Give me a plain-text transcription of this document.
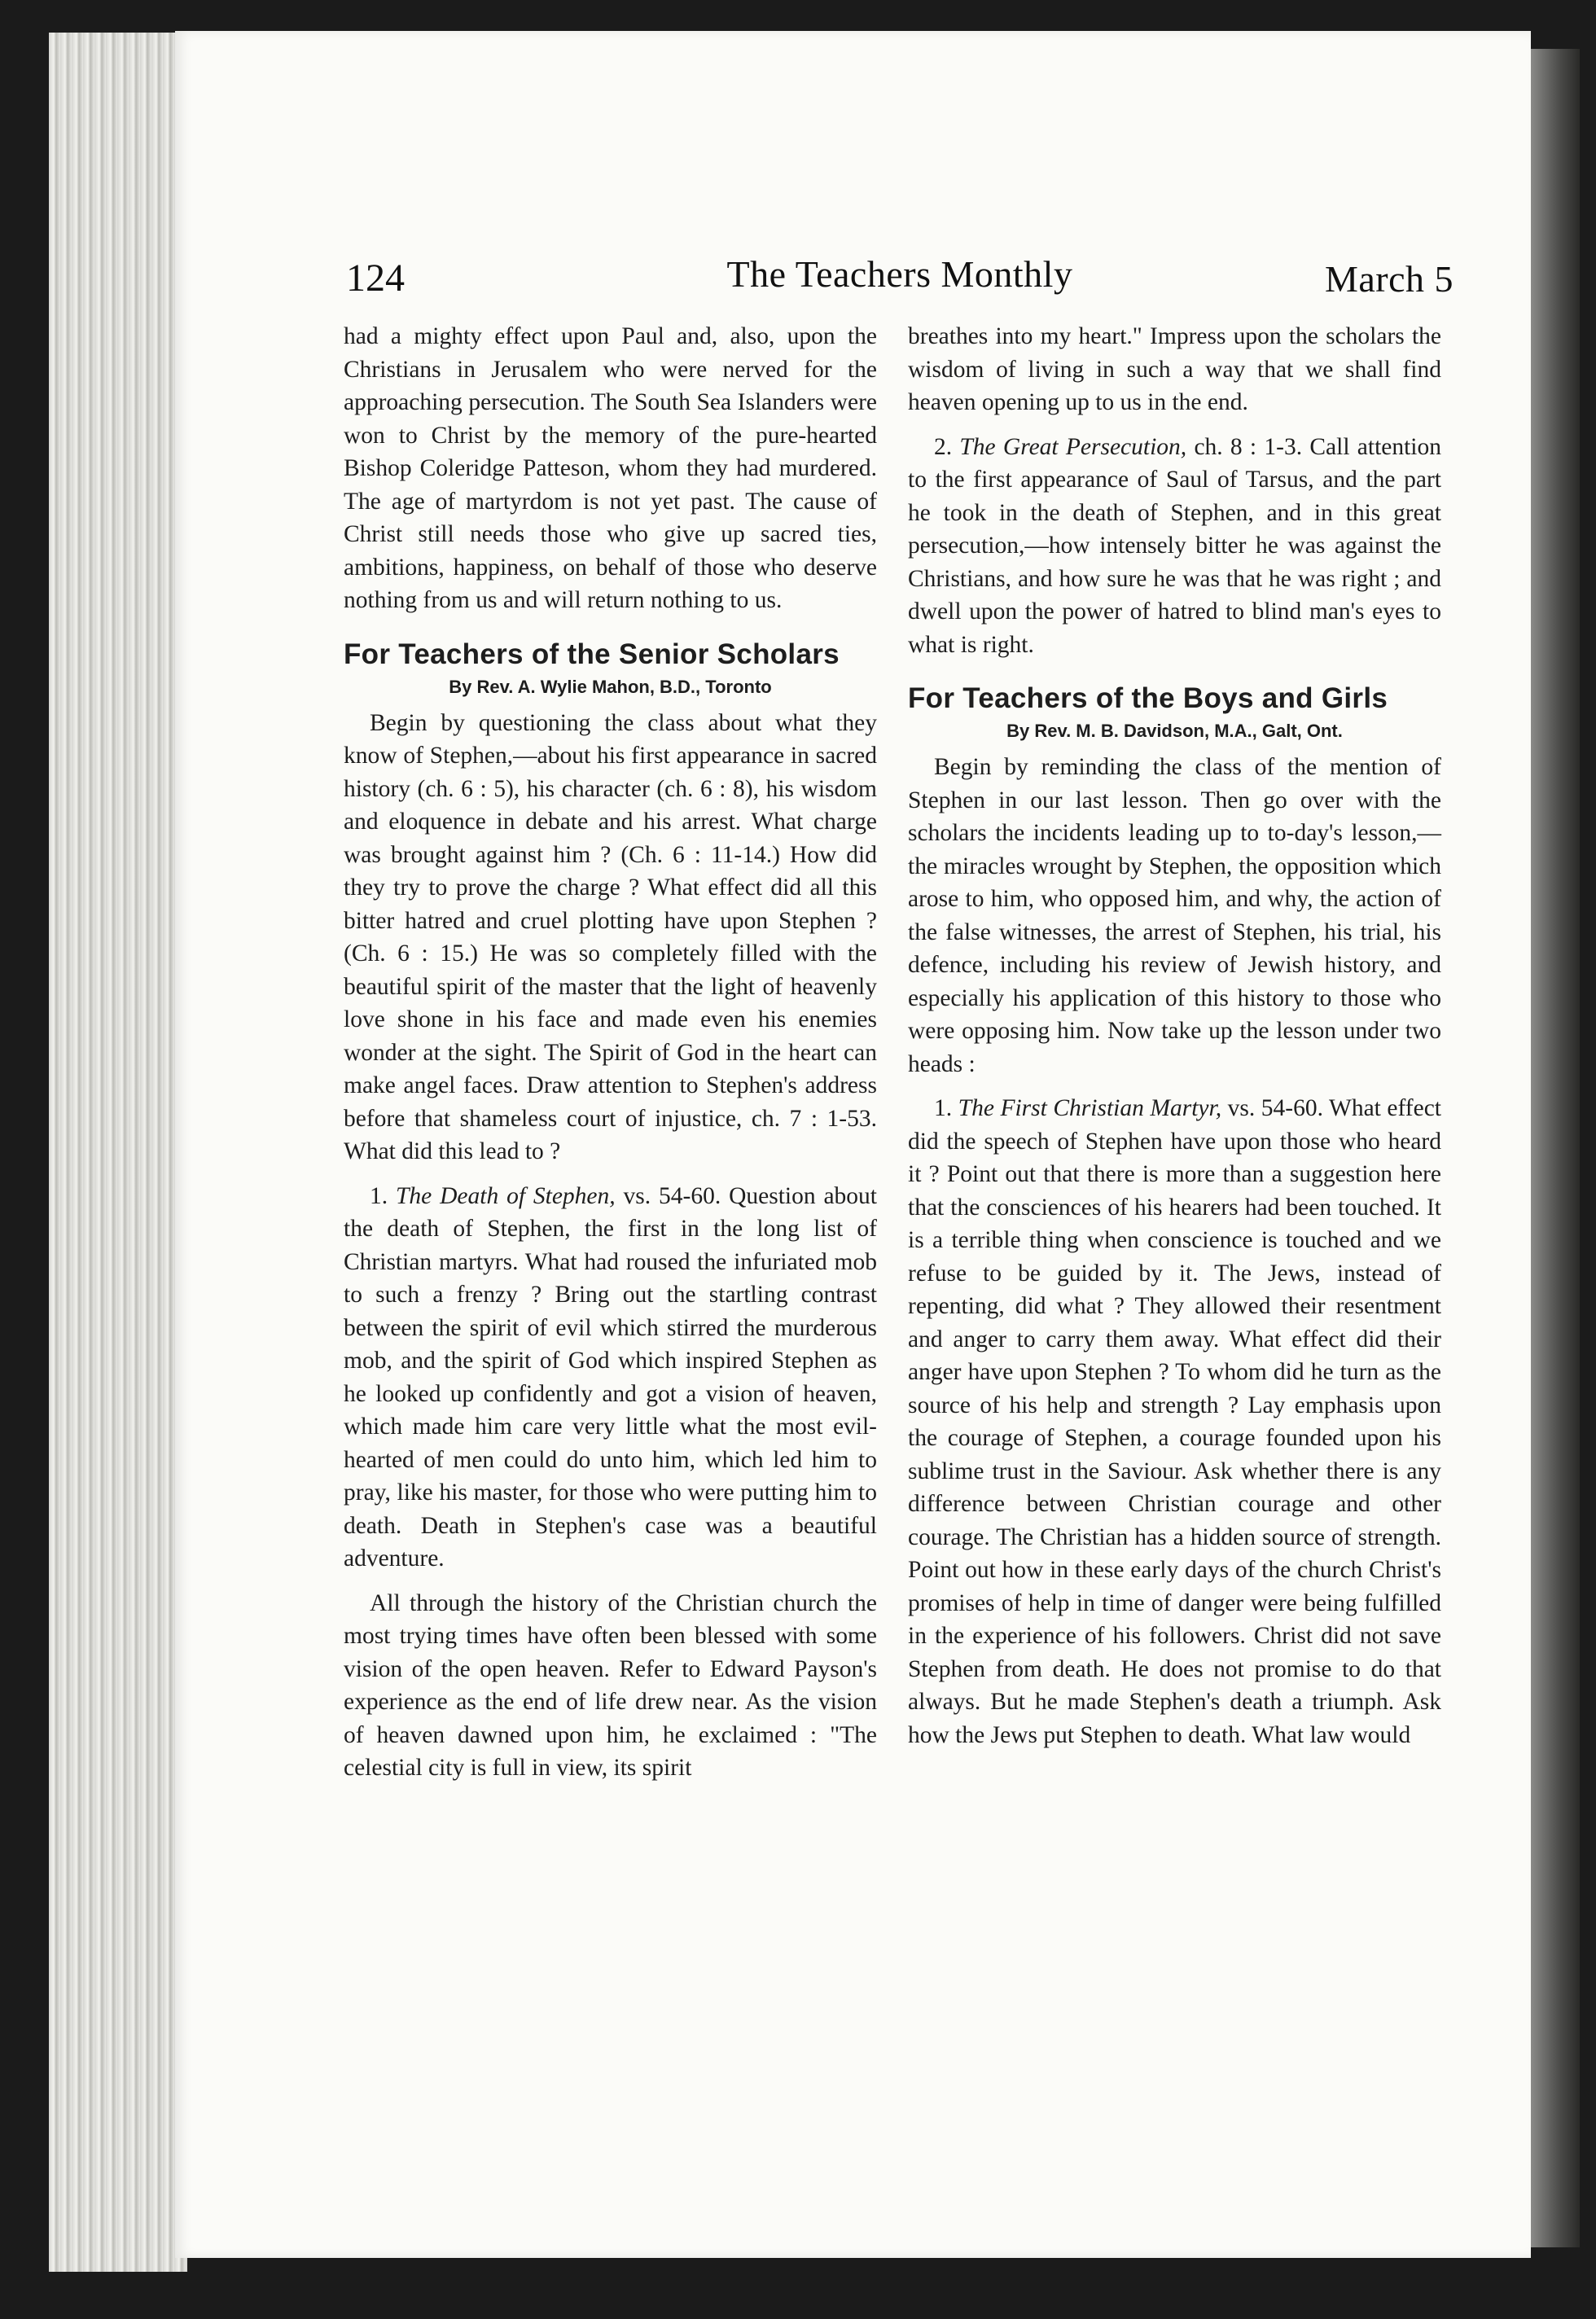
124	The Teachers Monthly	March 5

had a mighty effect upon Paul and, also, upon the Christians in Jerusalem who were nerved for the approaching persecution. The South Sea Islanders were won to Christ by the memory of the pure-hearted Bishop Coleridge Patteson, whom they had murdered. The age of martyrdom is not yet past. The cause of Christ still needs those who give up sacred ties, ambitions, happiness, on behalf of those who deserve nothing from us and will return nothing to us.

For Teachers of the Senior Scholars
By Rev. A. Wylie Mahon, B.D., Toronto

Begin by questioning the class about what they know of Stephen,—about his first appearance in sacred history (ch. 6 : 5), his character (ch. 6 : 8), his wisdom and eloquence in debate and his arrest. What charge was brought against him ? (Ch. 6 : 11-14.) How did they try to prove the charge ? What effect did all this bitter hatred and cruel plotting have upon Stephen ? (Ch. 6 : 15.) He was so completely filled with the beautiful spirit of the master that the light of heavenly love shone in his face and made even his enemies wonder at the sight. The Spirit of God in the heart can make angel faces. Draw attention to Stephen's address before that shameless court of injustice, ch. 7 : 1-53. What did this lead to ?

1. The Death of Stephen, vs. 54-60. Question about the death of Stephen, the first in the long list of Christian martyrs. What had roused the infuriated mob to such a frenzy ? Bring out the startling contrast between the spirit of evil which stirred the murderous mob, and the spirit of God which inspired Stephen as he looked up confidently and got a vision of heaven, which made him care very little what the most evil-hearted of men could do unto him, which led him to pray, like his master, for those who were putting him to death. Death in Stephen's case was a beautiful adventure.

All through the history of the Christian church the most trying times have often been blessed with some vision of the open heaven. Refer to Edward Payson's experience as the end of life drew near. As the vision of heaven dawned upon him, he exclaimed : "The celestial city is full in view, its spirit

breathes into my heart." Impress upon the scholars the wisdom of living in such a way that we shall find heaven opening up to us in the end.

2. The Great Persecution, ch. 8 : 1-3. Call attention to the first appearance of Saul of Tarsus, and the part he took in the death of Stephen, and in this great persecution,—how intensely bitter he was against the Christians, and how sure he was that he was right ; and dwell upon the power of hatred to blind man's eyes to what is right.

For Teachers of the Boys and Girls
By Rev. M. B. Davidson, M.A., Galt, Ont.

Begin by reminding the class of the mention of Stephen in our last lesson. Then go over with the scholars the incidents leading up to to-day's lesson,—the miracles wrought by Stephen, the opposition which arose to him, who opposed him, and why, the action of the false witnesses, the arrest of Stephen, his trial, his defence, including his review of Jewish history, and especially his application of this history to those who were opposing him. Now take up the lesson under two heads :

1. The First Christian Martyr, vs. 54-60. What effect did the speech of Stephen have upon those who heard it ? Point out that there is more than a suggestion here that the consciences of his hearers had been touched. It is a terrible thing when conscience is touched and we refuse to be guided by it. The Jews, instead of repenting, did what ? They allowed their resentment and anger to carry them away. What effect did their anger have upon Stephen ? To whom did he turn as the source of his help and strength ? Lay emphasis upon the courage of Stephen, a courage founded upon his sublime trust in the Saviour. Ask whether there is any difference between Christian courage and other courage. The Christian has a hidden source of strength. Point out how in these early days of the church Christ's promises of help in time of danger were being fulfilled in the experience of his followers. Christ did not save Stephen from death. He does not promise to do that always. But he made Stephen's death a triumph. Ask how the Jews put Stephen to death. What law would
